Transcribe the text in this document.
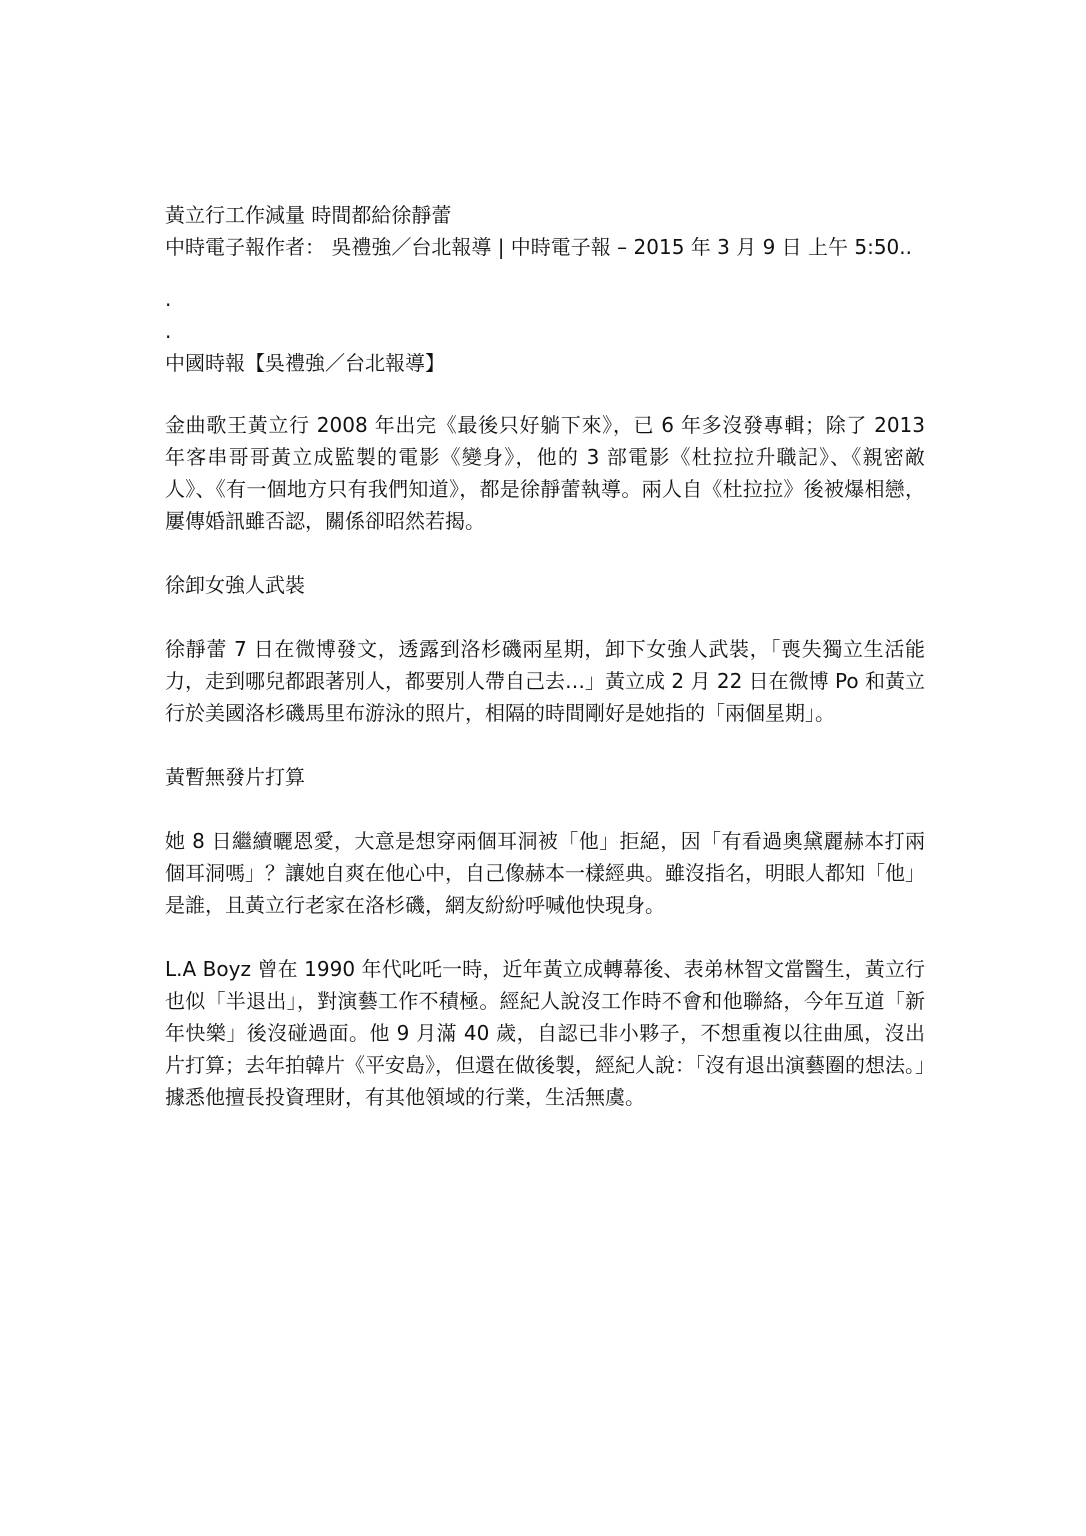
黃立行工作減量 時間都給徐靜蕾

中時電子報作者： 吳禮強／台北報導 | 中時電子報 – 2015 年 3 月 9 日 上午 5:50..

.
.

中國時報【吳禮強／台北報導】

金曲歌王黃立行 2008 年出完《最後只好躺下來》，已 6 年多沒發專輯；除了 2013 年客串哥哥黃立成監製的電影《變身》，他的 3 部電影《杜拉拉升職記》、《親密敵人》、《有一個地方只有我們知道》，都是徐靜蕾執導。兩人自《杜拉拉》後被爆相戀，屢傳婚訊雖否認，關係卻昭然若揭。

徐卸女強人武裝

徐靜蕾 7 日在微博發文，透露到洛杉磯兩星期，卸下女強人武裝，「喪失獨立生活能力，走到哪兒都跟著別人，都要別人帶自己去…」黃立成 2 月 22 日在微博 Po 和黃立行於美國洛杉磯馬里布游泳的照片，相隔的時間剛好是她指的「兩個星期」。

黃暫無發片打算

她 8 日繼續曬恩愛，大意是想穿兩個耳洞被「他」拒絕，因「有看過奧黛麗赫本打兩個耳洞嗎」？讓她自爽在他心中，自己像赫本一樣經典。雖沒指名，明眼人都知「他」是誰，且黃立行老家在洛杉磯，網友紛紛呼喊他快現身。

L.A Boyz 曾在 1990 年代叱吒一時，近年黃立成轉幕後、表弟林智文當醫生，黃立行也似「半退出」，對演藝工作不積極。經紀人說沒工作時不會和他聯絡，今年互道「新年快樂」後沒碰過面。他 9 月滿 40 歲，自認已非小夥子，不想重複以往曲風，沒出片打算；去年拍韓片《平安島》，但還在做後製，經紀人說：「沒有退出演藝圈的想法。」據悉他擅長投資理財，有其他領域的行業，生活無虞。
